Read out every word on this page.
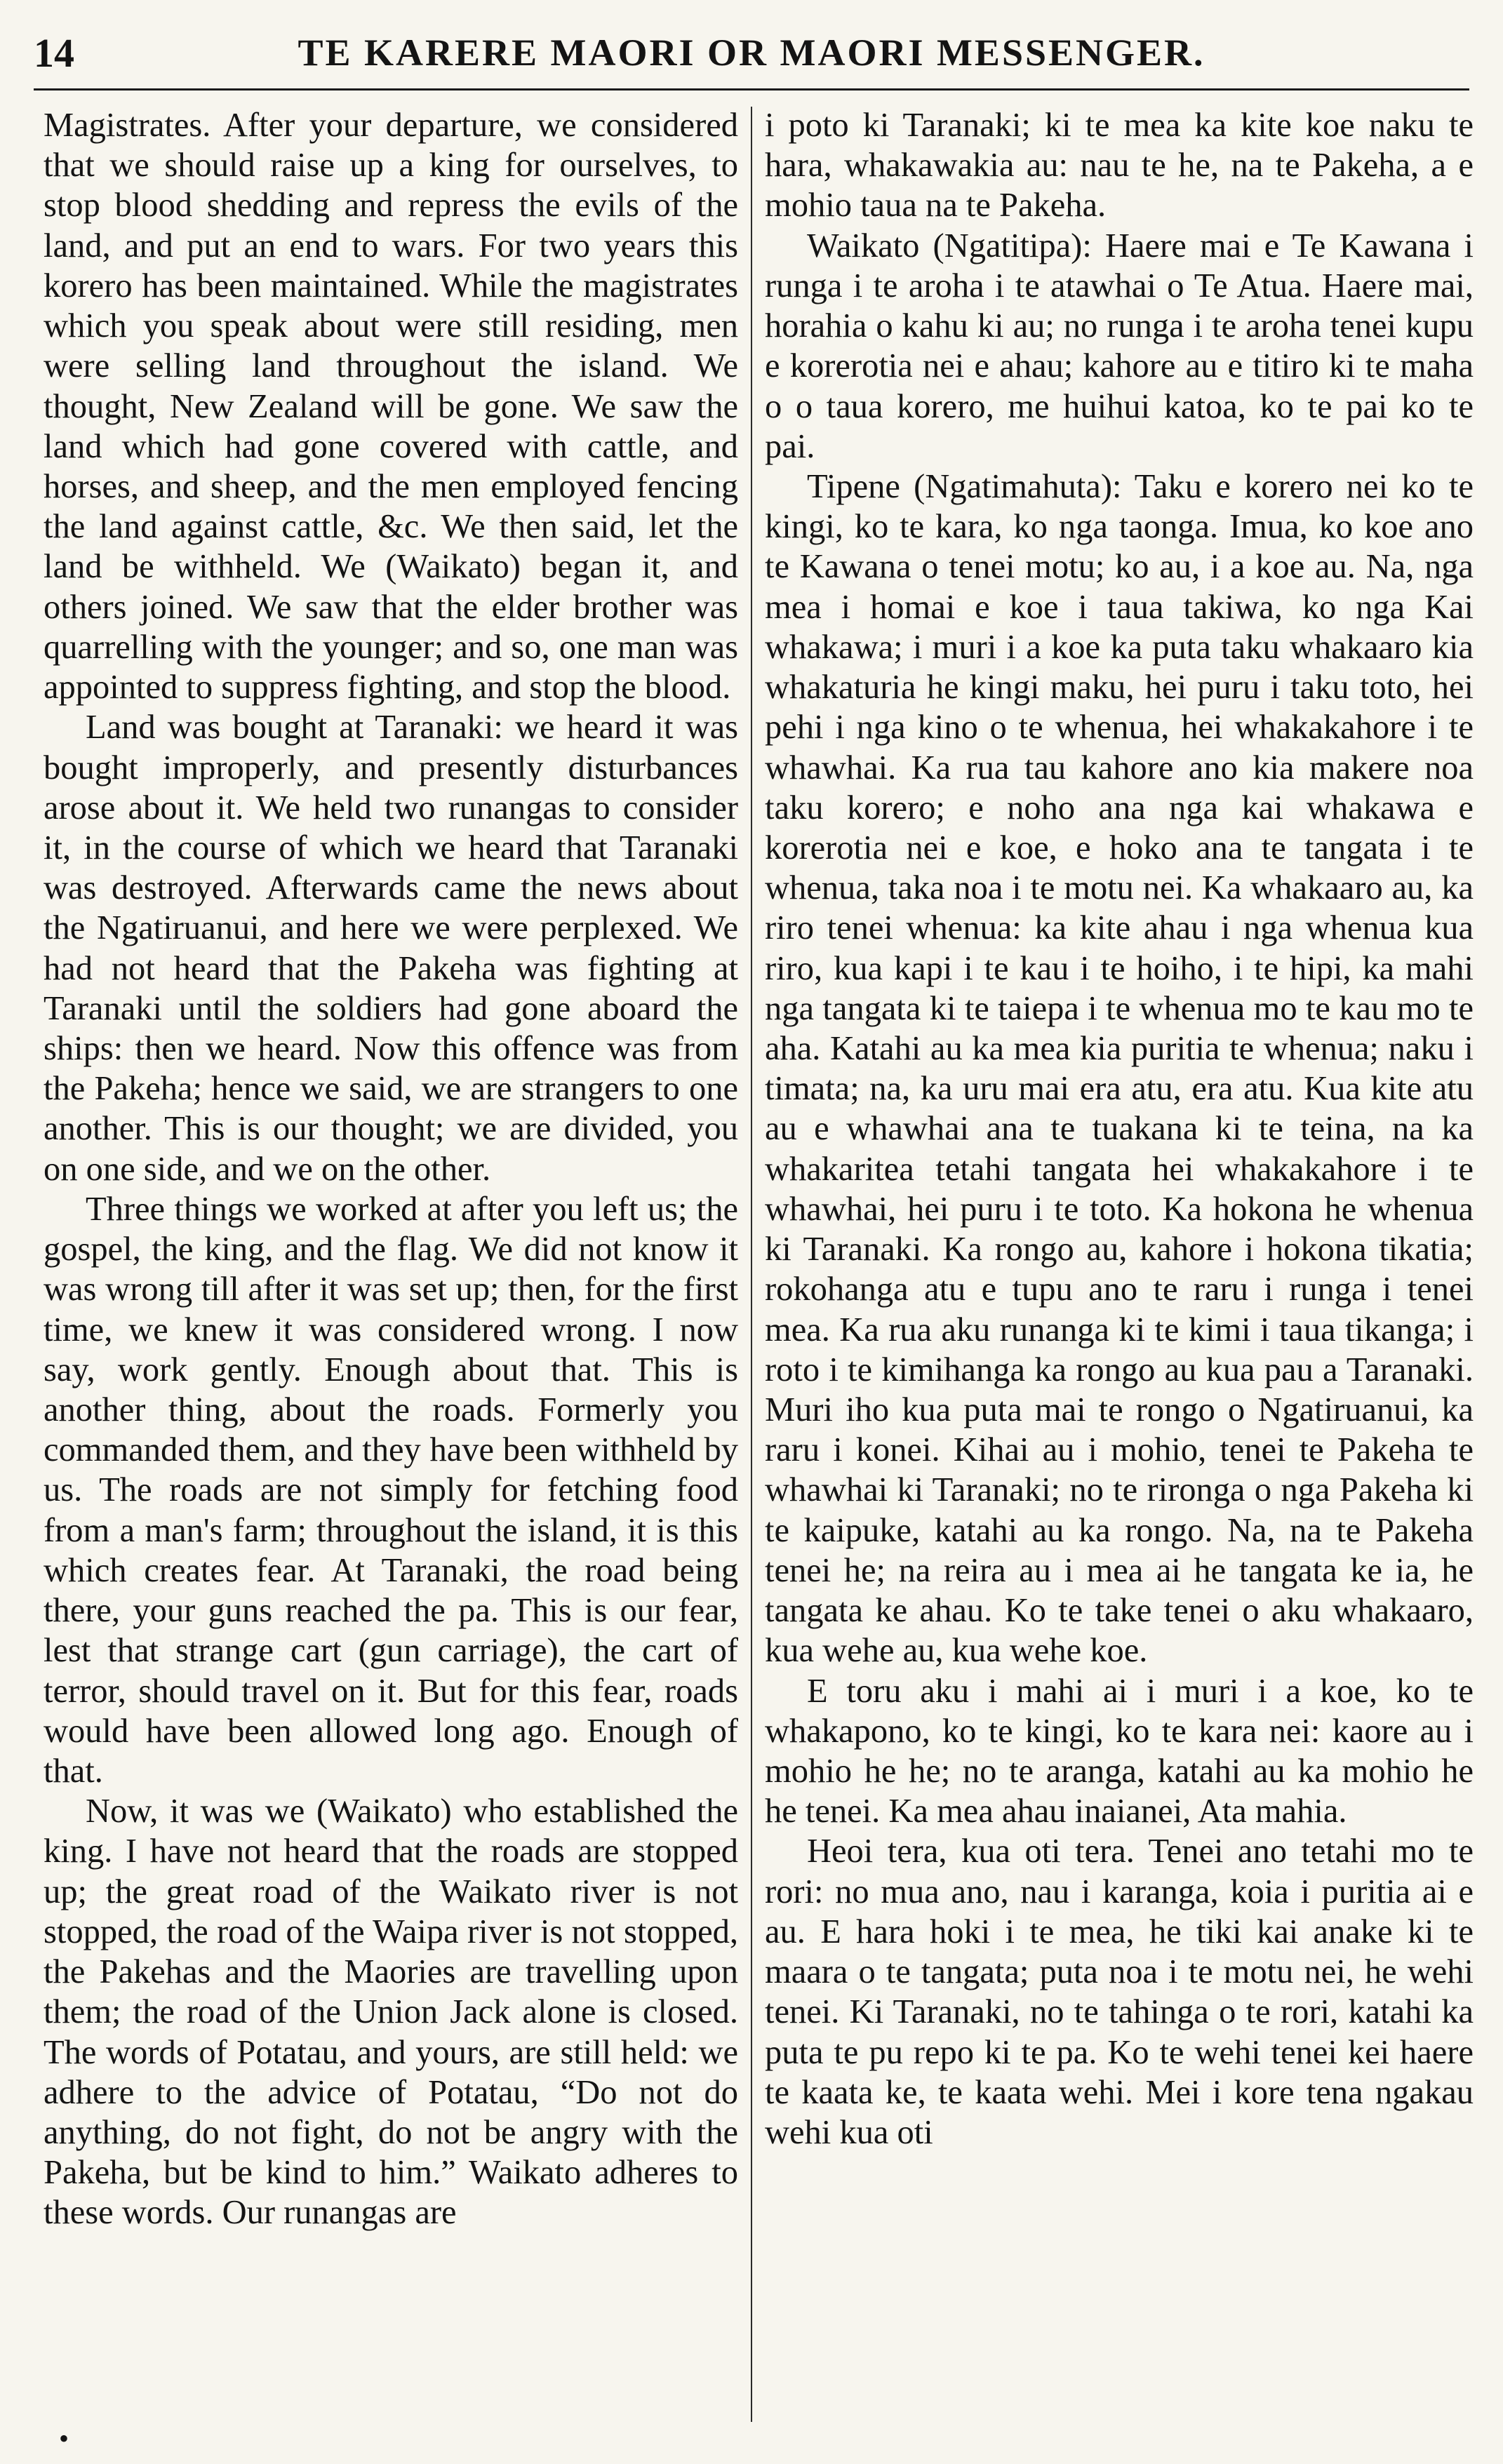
14	TE KARERE MAORI OR MAORI MESSENGER.

Magistrates. After your departure, we considered that we should raise up a king for ourselves, to stop blood shedding and repress the evils of the land, and put an end to wars. For two years this korero has been maintained. While the magistrates which you speak about were still residing, men were selling land throughout the island. We thought, New Zealand will be gone. We saw the land which had gone covered with cattle, and horses, and sheep, and the men employed fencing the land against cattle, &c. We then said, let the land be withheld. We (Waikato) began it, and others joined. We saw that the elder brother was quarrelling with the younger; and so, one man was appointed to suppress fighting, and stop the blood.

Land was bought at Taranaki: we heard it was bought improperly, and presently disturbances arose about it. We held two runangas to consider it, in the course of which we heard that Taranaki was destroyed. Afterwards came the news about the Ngatiruanui, and here we were perplexed. We had not heard that the Pakeha was fighting at Taranaki until the soldiers had gone aboard the ships: then we heard. Now this offence was from the Pakeha; hence we said, we are strangers to one another. This is our thought; we are divided, you on one side, and we on the other.

Three things we worked at after you left us; the gospel, the king, and the flag. We did not know it was wrong till after it was set up; then, for the first time, we knew it was considered wrong. I now say, work gently. Enough about that. This is another thing, about the roads. Formerly you commanded them, and they have been withheld by us. The roads are not simply for fetching food from a man's farm; throughout the island, it is this which creates fear. At Taranaki, the road being there, your guns reached the pa. This is our fear, lest that strange cart (gun carriage), the cart of terror, should travel on it. But for this fear, roads would have been allowed long ago. Enough of that.

Now, it was we (Waikato) who established the king. I have not heard that the roads are stopped up; the great road of the Waikato river is not stopped, the road of the Waipa river is not stopped, the Pakehas and the Maories are travelling upon them; the road of the Union Jack alone is closed. The words of Potatau, and yours, are still held: we adhere to the advice of Potatau, “Do not do anything, do not fight, do not be angry with the Pakeha, but be kind to him.” Waikato adheres to these words. Our runangas are

i poto ki Taranaki; ki te mea ka kite koe naku te hara, whakawakia au: nau te he, na te Pakeha, a e mohio taua na te Pakeha.

Waikato (Ngatitipa): Haere mai e Te Kawana i runga i te aroha i te atawhai o Te Atua. Haere mai, horahia o kahu ki au; no runga i te aroha tenei kupu e korerotia nei e ahau; kahore au e titiro ki te maha o o taua korero, me huihui katoa, ko te pai ko te pai.

Tipene (Ngatimahuta): Taku e korero nei ko te kingi, ko te kara, ko nga taonga. Imua, ko koe ano te Kawana o tenei motu; ko au, i a koe au. Na, nga mea i homai e koe i taua takiwa, ko nga Kai whakawa; i muri i a koe ka puta taku whakaaro kia whakaturia he kingi maku, hei puru i taku toto, hei pehi i nga kino o te whenua, hei whakakahore i te whawhai. Ka rua tau kahore ano kia makere noa taku korero; e noho ana nga kai whakawa e korerotia nei e koe, e hoko ana te tangata i te whenua, taka noa i te motu nei. Ka whakaaro au, ka riro tenei whenua: ka kite ahau i nga whenua kua riro, kua kapi i te kau i te hoiho, i te hipi, ka mahi nga tangata ki te taiepa i te whenua mo te kau mo te aha. Katahi au ka mea kia puritia te whenua; naku i timata; na, ka uru mai era atu, era atu. Kua kite atu au e whawhai ana te tuakana ki te teina, na ka whakaritea tetahi tangata hei whakakahore i te whawhai, hei puru i te toto. Ka hokona he whenua ki Taranaki. Ka rongo au, kahore i hokona tikatia; rokohanga atu e tupu ano te raru i runga i tenei mea. Ka rua aku runanga ki te kimi i taua tikanga; i roto i te kimihanga ka rongo au kua pau a Taranaki. Muri iho kua puta mai te rongo o Ngatiruanui, ka raru i konei. Kihai au i mohio, tenei te Pakeha te whawhai ki Taranaki; no te rironga o nga Pakeha ki te kaipuke, katahi au ka rongo. Na, na te Pakeha tenei he; na reira au i mea ai he tangata ke ia, he tangata ke ahau. Ko te take tenei o aku whakaaro, kua wehe au, kua wehe koe.

E toru aku i mahi ai i muri i a koe, ko te whakapono, ko te kingi, ko te kara nei: kaore au i mohio he he; no te aranga, katahi au ka mohio he he tenei. Ka mea ahau inaianei, Ata mahia.

Heoi tera, kua oti tera. Tenei ano tetahi mo te rori: no mua ano, nau i karanga, koia i puritia ai e au. E hara hoki i te mea, he tiki kai anake ki te maara o te tangata; puta noa i te motu nei, he wehi tenei. Ki Taranaki, no te tahinga o te rori, katahi ka puta te pu repo ki te pa. Ko te wehi tenei kei haere te kaata ke, te kaata wehi. Mei i kore tena ngakau wehi kua oti

•
